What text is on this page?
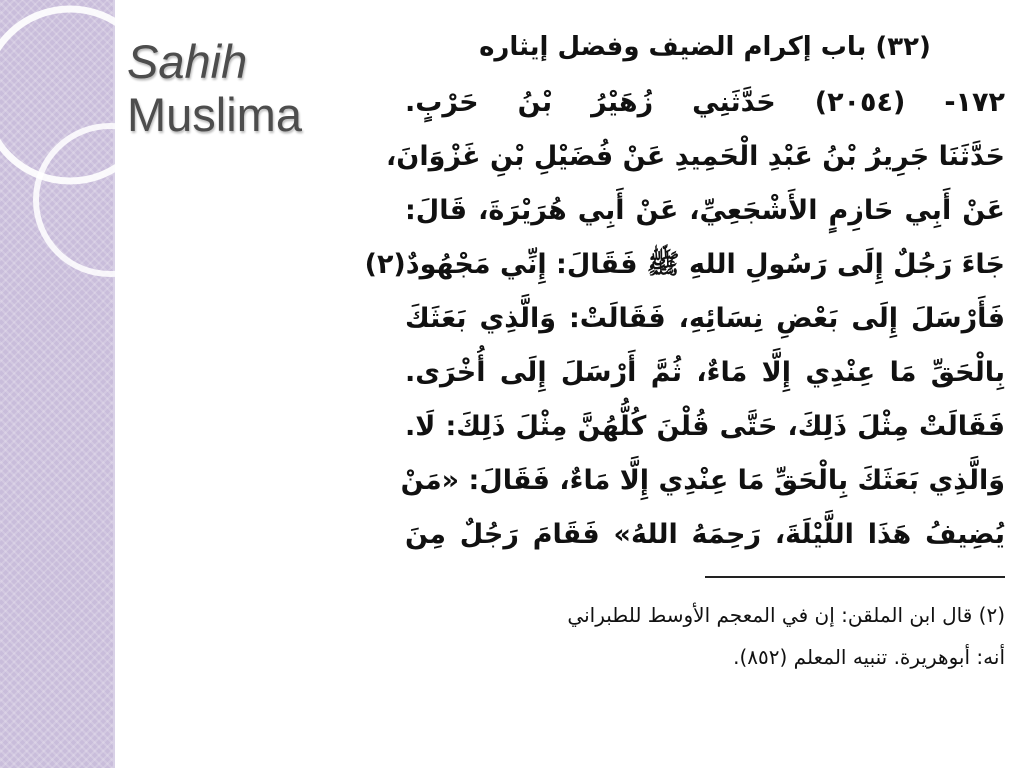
Sahih
Muslima
(٣٢) باب إكرام الضيف وفضل إيثاره
١٧٢- (٢٠٥٤) حَدَّثَنِي زُهَيْرُ بْنُ حَرْبٍ.
حَدَّثَنَا جَرِيرُ بْنُ عَبْدِ الْحَمِيدِ عَنْ فُضَيْلِ بْنِ غَزْوَانَ،
عَنْ أَبِي حَازِمٍ الأَشْجَعِيِّ، عَنْ أَبِي هُرَيْرَةَ، قَالَ:
جَاءَ رَجُلٌ إِلَى رَسُولِ اللهِ ﷺ فَقَالَ: إِنِّي مَجْهُودٌ(٢)
فَأَرْسَلَ إِلَى بَعْضِ نِسَائِهِ، فَقَالَتْ: وَالَّذِي بَعَثَكَ
بِالْحَقِّ مَا عِنْدِي إِلَّا مَاءٌ، ثُمَّ أَرْسَلَ إِلَى أُخْرَى.
فَقَالَتْ مِثْلَ ذَلِكَ، حَتَّى قُلْنَ كُلُّهُنَّ مِثْلَ ذَلِكَ: لَا.
وَالَّذِي بَعَثَكَ بِالْحَقِّ مَا عِنْدِي إِلَّا مَاءٌ، فَقَالَ: «مَنْ
يُضِيفُ هَذَا اللَّيْلَةَ، رَحِمَهُ اللهُ» فَقَامَ رَجُلٌ مِنَ
(٢) قال ابن الملقن: إن في المعجم الأوسط للطبراني
أنه: أبوهريرة. تنبيه المعلم (٨٥٢).
